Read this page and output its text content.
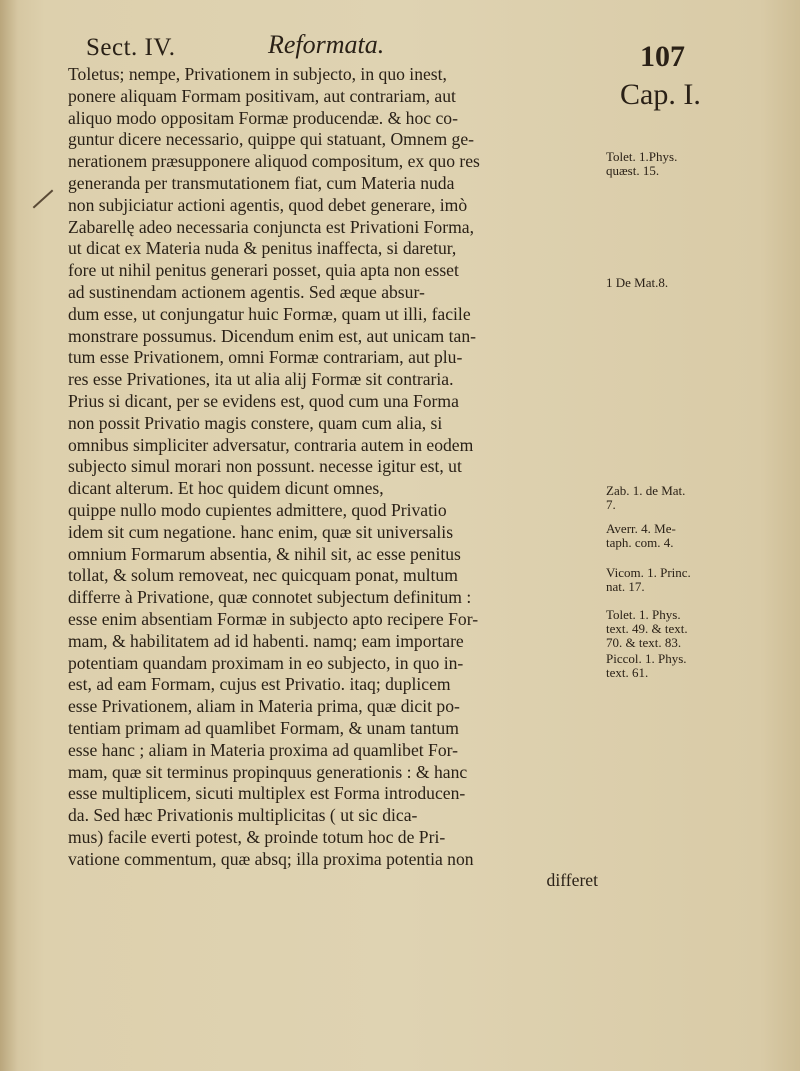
Sect. IV.	Reformata.	107
Cap. I.
Toletus; nempe, Privationem in subjecto, in quo inest,
ponere aliquam Formam positivam, aut contrariam, aut
aliquo modo oppositam Formæ producendæ. & hoc co-
guntur dicere necessario, quippe qui statuant, Omnem ge-
nerationem præsupponere aliquod compositum, ex quo res
generanda per transmutationem fiat, cum Materia nuda
non subjiciatur actioni agentis, quod debet generare, imò
Zabarellę adeo necessaria conjuncta est Privationi Forma,
ut dicat ex Materia nuda & penitus inaffecta, si daretur,
fore ut nihil penitus generari posset, quia apta non esset
ad sustinendam actionem agentis. Sed æque absur-
dum esse, ut conjungatur huic Formæ, quam ut illi, facile
monstrare possumus. Dicendum enim est, aut unicam tan-
tum esse Privationem, omni Formæ contrariam, aut plu-
res esse Privationes, ita ut alia alij Formæ sit contraria.
Prius si dicant, per se evidens est, quod cum una Forma
non possit Privatio magis constere, quam cum alia, si
omnibus simpliciter adversatur, contraria autem in eodem
subjecto simul morari non possunt. necesse igitur est, ut
dicant alterum. Et hoc quidem dicunt omnes,
quippe nullo modo cupientes admittere, quod Privatio
idem sit cum negatione. hanc enim, quæ sit universalis
omnium Formarum absentia, & nihil sit, ac esse penitus
tollat, & solum removeat, nec quicquam ponat, multum
differre à Privatione, quæ connotet subjectum definitum :
esse enim absentiam Formæ in subjecto apto recipere For-
mam, & habilitatem ad id habenti. namq; eam importare
potentiam quandam proximam in eo subjecto, in quo in-
est, ad eam Formam, cujus est Privatio. itaq; duplicem
esse Privationem, aliam in Materia prima, quæ dicit po-
tentiam primam ad quamlibet Formam, & unam tantum
esse hanc ; aliam in Materia proxima ad quamlibet For-
mam, quæ sit terminus propinquus generationis : & hanc
esse multiplicem, sicuti multiplex est Forma introducen-
da. Sed hæc Privationis multiplicitas ( ut sic dica-
mus) facile everti potest, & proinde totum hoc de Pri-
vatione commentum, quæ absq; illa proxima potentia non
differet
Tolet. 1.Phys.
quæst. 15.
1 De Mat.8.
Zab. 1. de Mat.
7.
Averr. 4. Me-
taph. com. 4.
Vicom. 1. Princ.
nat. 17.
Tolet. 1. Phys.
text. 49. & text.
70. & text. 83.
Piccol. 1. Phys.
text. 61.
